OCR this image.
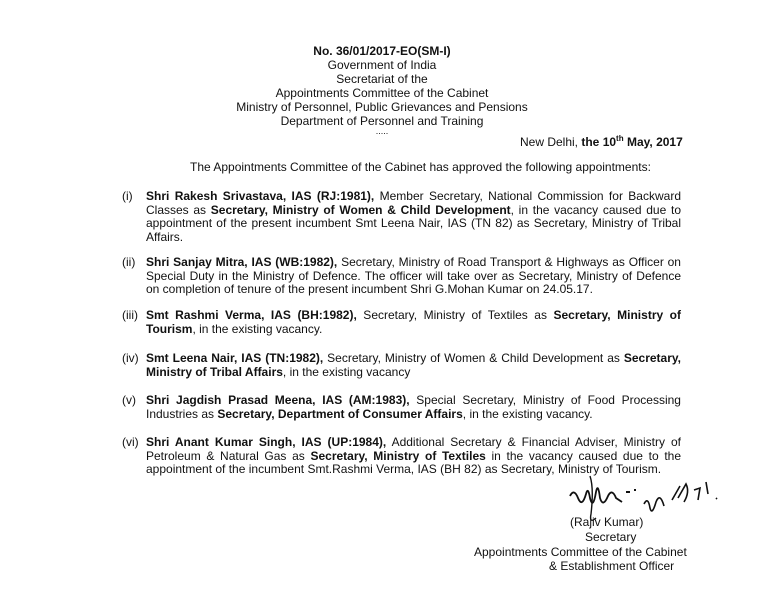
No. 36/01/2017-EO(SM-I)
Government of India
Secretariat of the
Appointments Committee of the Cabinet
Ministry of Personnel, Public Grievances and Pensions
Department of Personnel and Training
.....
New Delhi, the 10th May, 2017
The Appointments Committee of the Cabinet has approved the following appointments:
(i)	Shri Rakesh Srivastava, IAS (RJ:1981), Member Secretary, National Commission for Backward Classes as Secretary, Ministry of Women & Child Development, in the vacancy caused due to appointment of the present incumbent Smt Leena Nair, IAS (TN 82) as Secretary, Ministry of Tribal Affairs.
(ii) Shri Sanjay Mitra, IAS (WB:1982), Secretary, Ministry of Road Transport & Highways as Officer on Special Duty in the Ministry of Defence. The officer will take over as Secretary, Ministry of Defence on completion of tenure of the present incumbent Shri G.Mohan Kumar on 24.05.17.
(iii) Smt Rashmi Verma, IAS (BH:1982), Secretary, Ministry of Textiles as Secretary, Ministry of Tourism, in the existing vacancy.
(iv) Smt Leena Nair, IAS (TN:1982), Secretary, Ministry of Women & Child Development as Secretary, Ministry of Tribal Affairs, in the existing vacancy
(v) Shri Jagdish Prasad Meena, IAS (AM:1983), Special Secretary, Ministry of Food Processing Industries as Secretary, Department of Consumer Affairs, in the existing vacancy.
(vi) Shri Anant Kumar Singh, IAS (UP:1984), Additional Secretary & Financial Adviser, Ministry of Petroleum & Natural Gas as Secretary, Ministry of Textiles in the vacancy caused due to the appointment of the incumbent Smt.Rashmi Verma, IAS (BH 82) as Secretary, Ministry of Tourism.
(Rajiv Kumar)
Secretary
Appointments Committee of the Cabinet
& Establishment Officer
